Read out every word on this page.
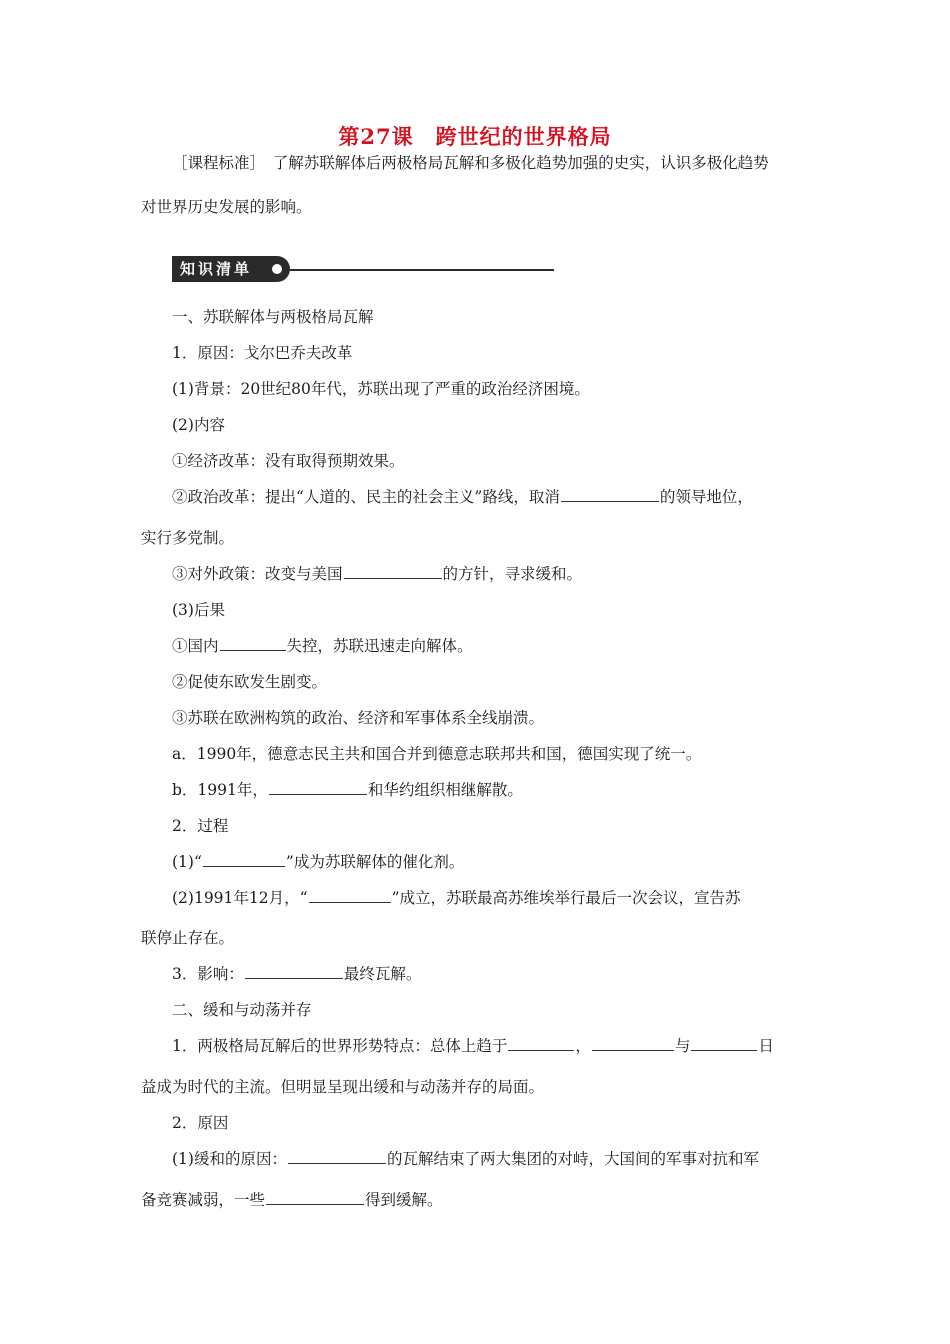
第27课　跨世纪的世界格局
［课程标准］　了解苏联解体后两极格局瓦解和多极化趋势加强的史实，认识多极化趋势
对世界历史发展的影响。
知识清单
一、苏联解体与两极格局瓦解
1．原因：戈尔巴乔夫改革
(1)背景：20世纪80年代，苏联出现了严重的政治经济困境。
(2)内容
①经济改革：没有取得预期效果。
②政治改革：提出“人道的、民主的社会主义”路线，取消	的领导地位，
实行多党制。
③对外政策：改变与美国	的方针，寻求缓和。
(3)后果
①国内	失控，苏联迅速走向解体。
②促使东欧发生剧变。
③苏联在欧洲构筑的政治、经济和军事体系全线崩溃。
a．1990年，德意志民主共和国合并到德意志联邦共和国，德国实现了统一。
b．1991年，	和华约组织相继解散。
2．过程
(1)“	”成为苏联解体的催化剂。
(2)1991年12月，“	”成立，苏联最高苏维埃举行最后一次会议，宣告苏
联停止存在。
3．影响：	最终瓦解。
二、缓和与动荡并存
1．两极格局瓦解后的世界形势特点：总体上趋于	，	与	日
益成为时代的主流。但明显呈现出缓和与动荡并存的局面。
2．原因
(1)缓和的原因：	的瓦解结束了两大集团的对峙，大国间的军事对抗和军
备竞赛减弱，一些	得到缓解。
